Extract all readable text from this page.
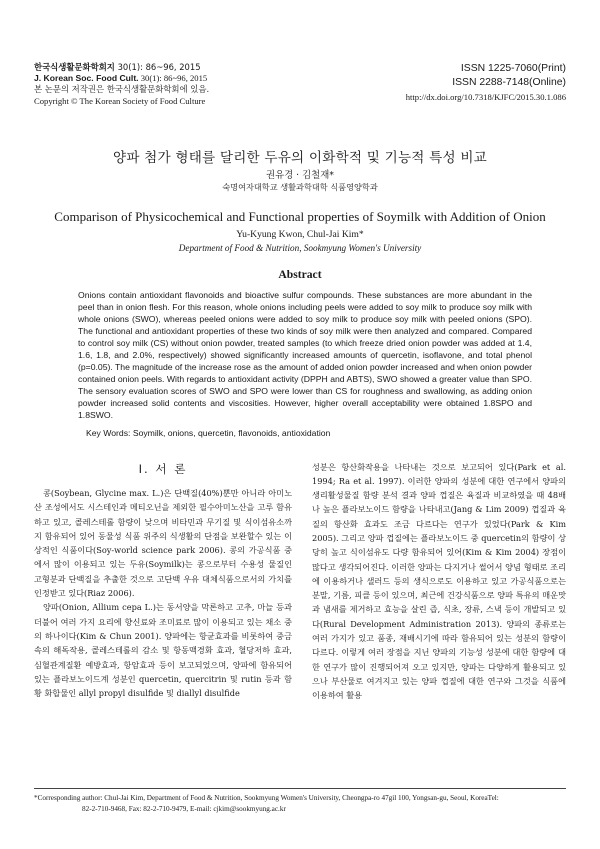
한국식생활문화학회지 30(1): 86~96, 2015
J. Korean Soc. Food Cult. 30(1): 86~96, 2015
본 논문의 저작권은 한국식생활문화학회에 있음.
Copyright © The Korean Society of Food Culture
ISSN 1225-7060(Print)
ISSN 2288-7148(Online)
http://dx.doi.org/10.7318/KJFC/2015.30.1.086
양파 첨가 형태를 달리한 두유의 이화학적 및 기능적 특성 비교
권유경 · 김철재*
숙명여자대학교 생활과학대학 식품영양학과
Comparison of Physicochemical and Functional properties of Soymilk with Addition of Onion
Yu-Kyung Kwon, Chul-Jai Kim*
Department of Food & Nutrition, Sookmyung Women's University
Abstract
Onions contain antioxidant flavonoids and bioactive sulfur compounds. These substances are more abundant in the peel than in onion flesh. For this reason, whole onions including peels were added to soy milk to produce soy milk with whole onions (SWO), whereas peeled onions were added to soy milk to produce soy milk with peeled onions (SPO). The functional and antioxidant properties of these two kinds of soy milk were then analyzed and compared. Compared to control soy milk (CS) without onion powder, treated samples (to which freeze dried onion powder was added at 1.4, 1.6, 1.8, and 2.0%, respectively) showed significantly increased amounts of quercetin, isoflavone, and total phenol (p=0.05). The magnitude of the increase rose as the amount of added onion powder increased and when onion powder contained onion peels. With regards to antioxidant activity (DPPH and ABTS), SWO showed a greater value than SPO. The sensory evaluation scores of SWO and SPO were lower than CS for roughness and swallowing, as adding onion powder increased solid contents and viscosities. However, higher overall acceptability were obtained 1.8SPO and 1.8SWO.
Key Words: Soymilk, onions, quercetin, flavonoids, antioxidation
Ⅰ. 서 론

콩(Soybean, Glycine max. L.)은 단백질(40%)뿐만 아니라 아미노산 조성에서도 시스테인과 메티오닌을 제외한 필수아미노산을 고루 함유하고 있고, 콜레스테롤 함량이 낮으며 비타민과 무기질 및 식이섬유소까지 함유되어 있어 동물성 식품 위주의 식생활의 단점을 보완할수 있는 이상적인 식품이다(Soy-world science park 2006). 콩의 가공식품 중에서 많이 이용되고 있는 두유(Soymilk)는 콩으로부터 수용성 물질인 고형분과 단백질을 추출한 것으로 고단백 우유 대체식품으로서의 가치를 인정받고 있다(Riaz 2006).

양파(Onion, Allium cepa L.)는 동서양을 막론하고 고추, 마늘 등과 더불어 여러 가지 요리에 향신료와 조미료로 많이 이용되고 있는 채소 중의 하나이다(Kim & Chun 2001). 양파에는 항균효과를 비롯하여 중금속의 해독작용, 콜레스테롤의 감소 및 항동맥경화 효과, 혈당저하 효과, 심혈관계질환 예방효과, 항암효과 등이 보고되었으며, 양파에 함유되어 있는 플라보노이드계 성분인 quercetin, quercitrin 및 rutin 등과 함황 화합물인 allyl propyl disulfide 및 diallyl disulfide

성분은 항산화작용을 나타내는 것으로 보고되어 있다(Park et al. 1994; Ra et al. 1997). 이러한 양파의 성분에 대한 연구에서 양파의 생리활성물질 함량 분석 결과 양파 껍질은 육질과 비교하였을 때 48배나 높은 플라보노이드 함량을 나타내고(Jang & Lim 2009) 껍질과 육질의 항산화 효과도 조금 다르다는 연구가 있었다(Park & Kim 2005). 그리고 양파 껍질에는 플라보노이드 중 quercetin의 함량이 상당히 높고 식이섬유도 다량 함유되어 있어(Kim & Kim 2004) 장점이 많다고 생각되어진다. 이러한 양파는 다지거나 썰어서 양념 형태로 조리에 이용하거나 샐러드 등의 생식으로도 이용하고 있고 가공식품으로는 분말, 기름, 피클 등이 있으며, 최근에 건강식품으로 양파 특유의 매운맛과 냄새를 제거하고 효능을 살린 즙, 식초, 장류, 스낵 등이 개발되고 있다(Rural Development Administration 2013). 양파의 종류로는 여러 가지가 있고 품종, 재배시기에 따라 함유되어 있는 성분의 함량이 다르다. 이렇게 여러 장점을 지닌 양파의 기능성 성분에 대한 함량에 대한 연구가 많이 진행되어져 오고 있지만, 양파는 다양하게 활용되고 있으나 부산물로 여겨지고 있는 양파 껍질에 대한 연구와 그것을 식품에 이용하여 활용

*Corresponding author: Chul-Jai Kim, Department of Food & Nutrition, Sookmyung Women's University, Cheongpa-ro 47gil 100, Yongsan-gu, Seoul, KoreaTel:
82-2-710-9468, Fax: 82-2-710-9479, E-mail: cjkim@sookmyung.ac.kr
